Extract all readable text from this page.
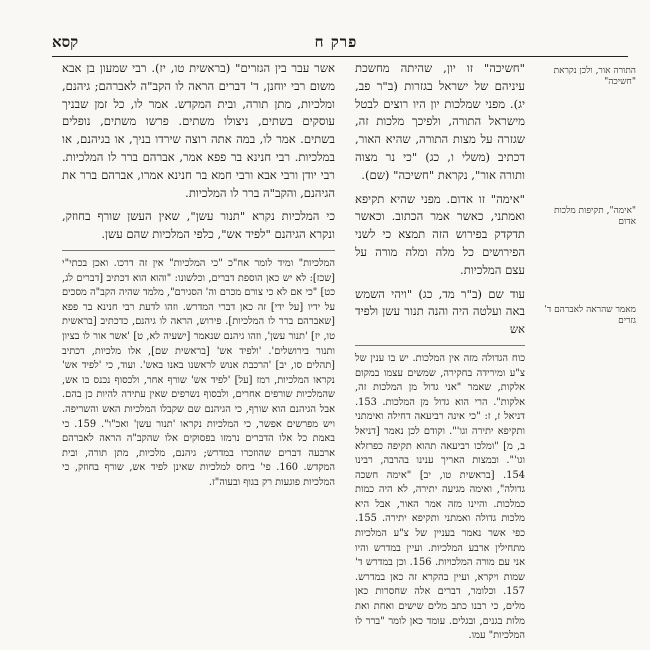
קסא	פרק ח
התורה אור, ולכן נקראת "חשיכה"
"אימה", תקיפות מלכות אדום
מאמר שהראה לאברהם ד' גזרים

"חשיכה" זו יון, שהיתה מחשכת עיניהם של ישראל בגזרות (ב"ר פב, יג). מפני שמלכות יון היו רוצים לבטל מישראל התורה, ולפיכך מלכות זה, שגזרה על מצות התורה, שהיא האור, דכתיב (משלי ו, כג) "כי נר מצוה ותורה אור", נקראת "חשיכה" (שם).

"אימה" זו אדום. מפני שהיא תקיפא ואמתני, כאשר אמר הכתוב. וכאשר תדקדק בפירוש הזה תמצא כי לשני הפירושים כל מלה ומלה מורה על עצם המלכיות.

עוד שם (ב"ר מד, כג) "ויהי השמש באה ועלטה היה והנה תנור עשן ולפיד אש

כוח הגדולה מזה אין המלכות. יש בו ענין של צ"ע ומירידה בחקירה, שמשים עצמו במקום אלקות, שאמר "אני גדול מן המלכות זה, אלקות". הרי הוא גדול מן המלכות. 153. דניאל ז, ז: "כי אינה רביעאה דחילה ואימתני ותקיפא יתירה וגו'". וקודם לכן נאמר [דניאל ב, מ] "ומלכו רביעאה תהוא תקיפה כפרזלא וגו'". ובמצות האריך ענינו בהרבה, רבינו 154. [בראשית טו, יב] "אימה חשכה גדולה", ואימה מגיעה יתירה, לא היה כמות כמלכות. והיינו מזה אמר האור, אבל היא מלכות גדולה ואמתני ותקיפא יתירה. 155. כפי אשר נאמר בעניין של צ"ע המלכיות מתחילין ארבע המלכיות. ועיין במדרש והיו אני עם מורה המלכויות. 156. וכן במדרש ד' שמות ויקרא, ועיין בהקרא זה כאן במדרש. 157. וכלומר, דברים אלה שחסרות כאן מלים, כי רבנו כתב מלים שישים ואחת ואת מלות בגנים, ובגלים. עומד כאן לומר "ברר לו המלכיות" עמו.

אשר עבר בין הגזרים" (בראשית טו, יז). רבי שמעון בן אבא משום רבי יוחנן, ד' דברים הראה לו הקב"ה לאברהם; גיהנם, ומלכיות, מתן תורה, ובית המקדש. אמר לו, כל זמן שבניך עוסקים בשתים, ניצולו משתים. פרשו משתים, נופלים בשתים. אמר לו, במה אתה רוצה שירדו בניך, או בגיהנם, או במלכיות. רבי חנינא בר פפא אמר, אברהם ברר לו המלכיות. רבי יודן ורבי אבא ורבי חמא בר חנינא אמרו, אברהם ברר את הגיהנם, והקב"ה ברר לו המלכיות.

כי המלכיות נקרא "תנור עשן", שאין העשן שורף בחוזק, ונקרא הגיהנם "לפיד אש", כלפי המלכיות שהם עשן.

המלכיות" ומיד לומר אח"כ "כי המלכיות" אין זה דרכו. ואכן בכתי"י [שכז]: לא יש כאן הוספת דברים, וכלשונו: "והוא הוא דכתיב [דברים לג, כט] "כי אם לא כי צורם מכרם וה' הסגירם", מלמד שהיה הקב"ה מסכים על ידיו [על ידי] זה כאן דברי המדרש. וזהו לדעת רבי חנינא בר פפא [שאברהם ברר לו המלכיות]. פירוש, הראה לו גיהנם, כדכתיב [בראשית טו, יז] 'תנור עשן', וזהו גיהנם שנאמר [ישעיה לא, ט] 'אשר אור לו בציון ותנור בירושלים'. 'ולפיד אש' [בראשית שם], אלו מלכיות, דכתיב [תהלים סו, יב] 'הרכבת אנוש לראשנו באנו באש'. ועוד, כי 'לפיד אש' נקראו המלכיות, רמז [על] 'לפיד אש' שורף אחר, ולכסוף נכנס בו אש, שהמלכיות שורפים אחרים, ולבסוף נשרפים שאין עתידה להיות כן בהם. אבל הגיהנם הוא שורף, כי הגיהנם שם שקבלו המלכיות האש והשריפה. ויש מפרשים אפשר, כי המלכיות נקראו 'תנור עשן' ואכ"ו". 159. כי באמת כל אלו הדברים נרמזו בפסוקים אלו שהקב"ה הראה לאברהם ארבעה דברים שהוזכרו במדרש; גיהנם, מלכיות, מתן תורה, ובית המקדש. 160. פי' ביחס למלכיות שאינן לפיד אש, שורף בחוזק, כי המלכיות פוגעות רק בגוף ובעוה"ז.
